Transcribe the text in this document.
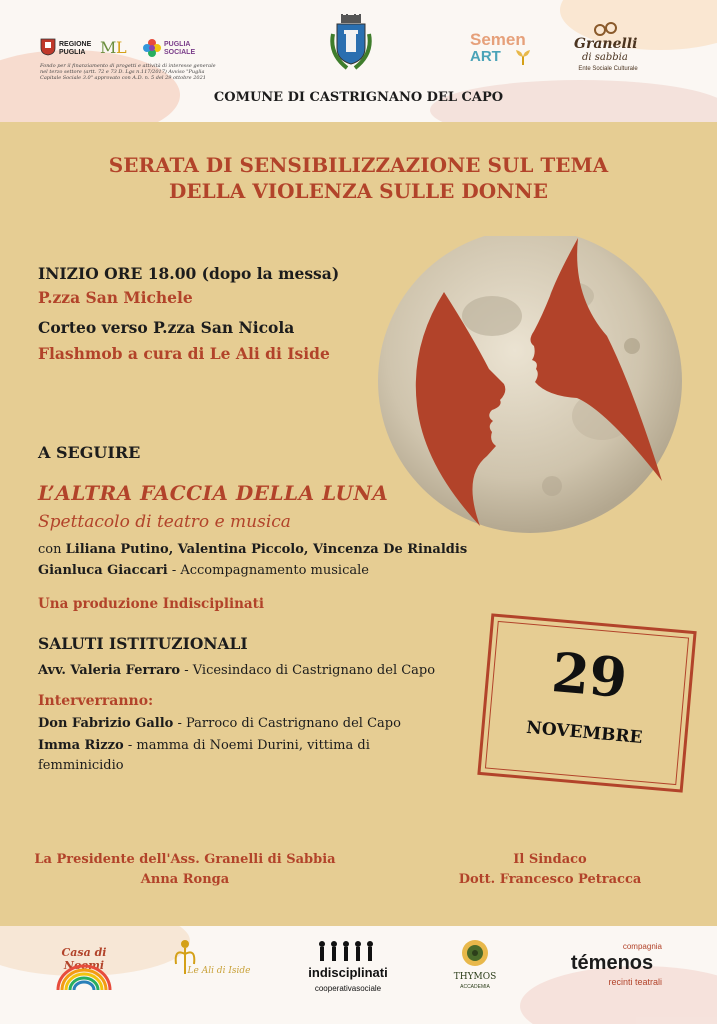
REGIONE PUGLIA M L	PUGLIA SOCIALE
Fondo per il finanziamento di progetti e attività di interesse generale nel terzo settore (artt. 72 e 73 D. Lgs n.117/2017) Avviso "Puglia Capitale Sociale 3.0" approvato con A.D. n. 5 del 29 ottobre 2021
Semen
ART
Granelli
di sabbia
Ente Sociale Culturale
COMUNE DI CASTRIGNANO DEL CAPO
SERATA DI SENSIBILIZZAZIONE SUL TEMA
DELLA VIOLENZA SULLE DONNE
INIZIO ORE 18.00 (dopo la messa)
P.zza San Michele
Corteo verso P.zza San Nicola
Flashmob a cura di Le Ali di Iside
A SEGUIRE
L’ALTRA FACCIA DELLA LUNA
Spettacolo di teatro e musica
con Liliana Putino, Valentina Piccolo, Vincenza De Rinaldis
Gianluca Giaccari - Accompagnamento musicale
Una produzione Indisciplinati
SALUTI ISTITUZIONALI
Avv. Valeria Ferraro - Vicesindaco di Castrignano del Capo
Interverranno:
Don Fabrizio Gallo - Parroco di Castrignano del Capo
Imma Rizzo - mamma di Noemi Durini, vittima di
femminicidio
29
NOVEMBRE
La Presidente dell'Ass. Granelli di Sabbia
Anna Ronga
Il Sindaco
Dott. Francesco Petracca
Casa di Noemi	Le Ali di Iside	indisciplinati
cooperativasociale
THYMOS
ACCADEMIA
compagnia
témenos
recinti teatrali
